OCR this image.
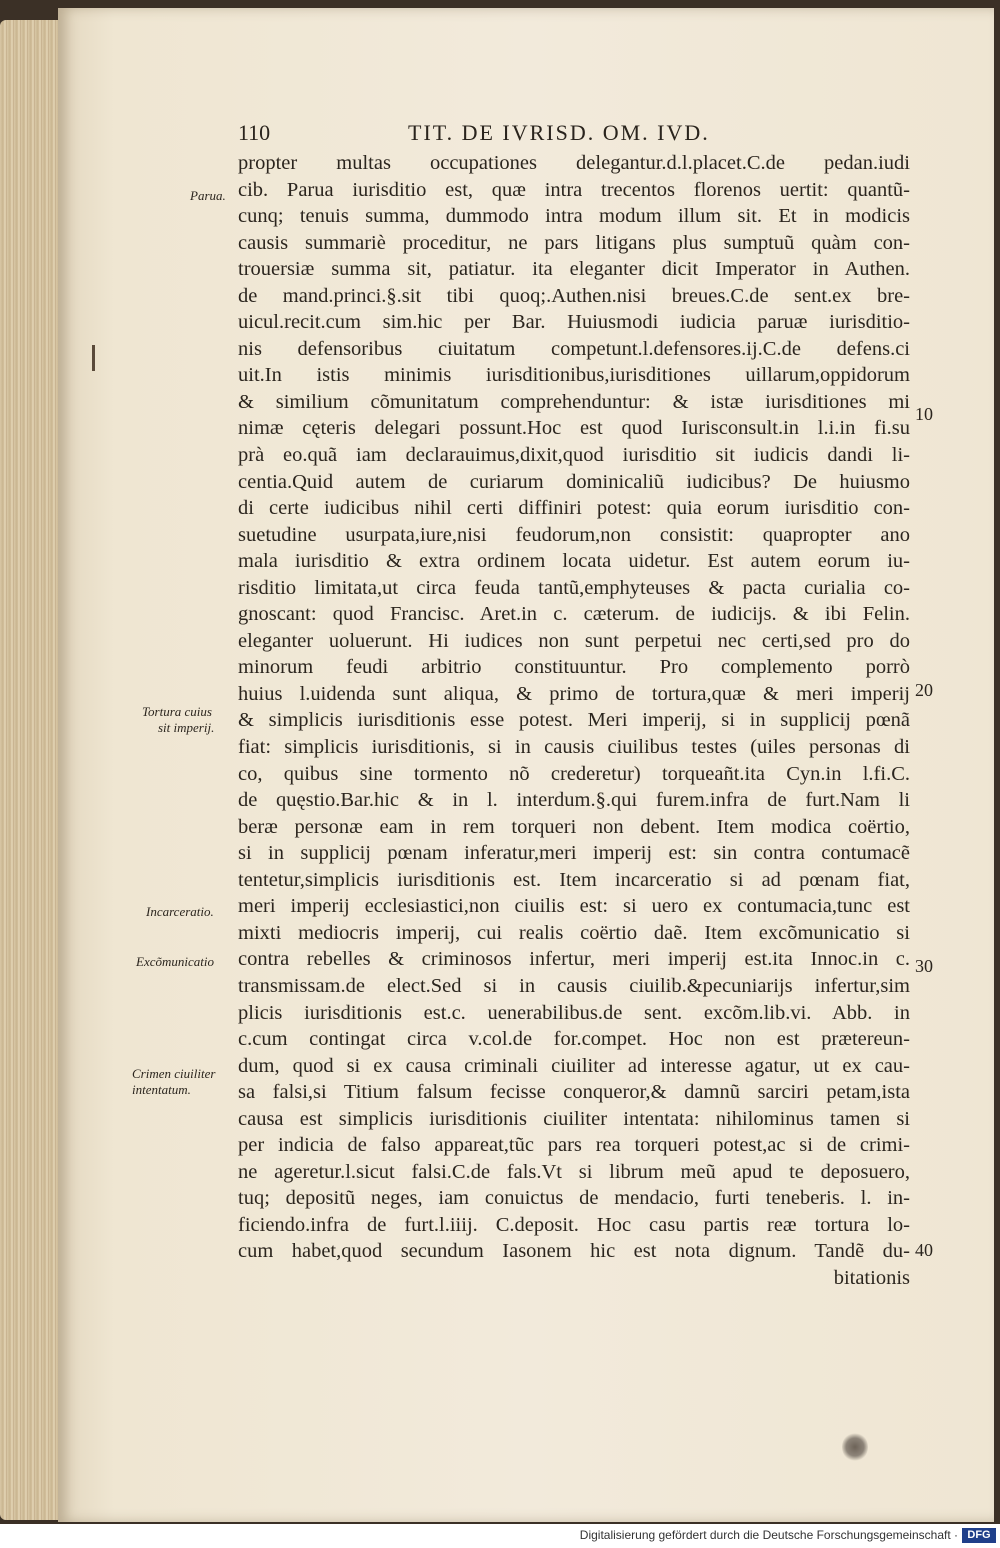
110	TIT. DE IVRISD. OM. IVD.
propter multas occupationes delegantur.d.l.placet.C.de pedan.iudi
cib. Parua iurisditio est, quæ intra trecentos florenos uertit: quantũ-
cunq; tenuis summa, dummodo intra modum illum sit. Et in modicis
causis summariè proceditur, ne pars litigans plus sumptuũ quàm con-
trouersiæ summa sit, patiatur. ita eleganter dicit Imperator in Authen.
de mand.princi.§.sit tibi quoq;.Authen.nisi breues.C.de sent.ex bre-
uicul.recit.cum sim.hic per Bar. Huiusmodi iudicia paruæ iurisditio-
nis defensoribus ciuitatum competunt.l.defensores.ij.C.de defens.ci
uit.In istis minimis iurisditionibus,iurisditiones uillarum,oppidorum
& similium cõmunitatum comprehenduntur: & istæ iurisditiones mi
nimæ cęteris delegari possunt.Hoc est quod Iurisconsult.in l.i.in fi.su
prà eo.quã iam declarauimus,dixit,quod iurisditio sit iudicis dandi li-
centia.Quid autem de curiarum dominicaliũ iudicibus? De huiusmo
di certe iudicibus nihil certi diffiniri potest: quia eorum iurisditio con-
suetudine usurpata,iure,nisi feudorum,non consistit: quapropter ano
mala iurisditio & extra ordinem locata uidetur. Est autem eorum iu-
risditio limitata,ut circa feuda tantũ,emphyteuses & pacta curialia co-
gnoscant: quod Francisc. Aret.in c. cæterum. de iudicijs. & ibi Felin.
eleganter uoluerunt. Hi iudices non sunt perpetui nec certi,sed pro do
minorum feudi arbitrio constituuntur. Pro complemento porrò
huius l.uidenda sunt aliqua, & primo de tortura,quæ & meri imperij
& simplicis iurisditionis esse potest. Meri imperij, si in supplicij pœnã
fiat: simplicis iurisditionis, si in causis ciuilibus testes (uiles personas di
co, quibus sine tormento nõ crederetur) torqueañt.ita Cyn.in l.fi.C.
de quęstio.Bar.hic & in l. interdum.§.qui furem.infra de furt.Nam li
beræ personæ eam in rem torqueri non debent. Item modica coërtio,
si in supplicij pœnam inferatur,meri imperij est: sin contra contumacẽ
tentetur,simplicis iurisditionis est. Item incarceratio si ad pœnam fiat,
meri imperij ecclesiastici,non ciuilis est: si uero ex contumacia,tunc est
mixti mediocris imperij, cui realis coërtio daẽ. Item excõmunicatio si
contra rebelles & criminosos infertur, meri imperij est.ita Innoc.in c.
transmissam.de elect.Sed si in causis ciuilib.&pecuniarijs infertur,sim
plicis iurisditionis est.c. uenerabilibus.de sent. excõm.lib.vi. Abb. in
c.cum contingat circa v.col.de for.compet. Hoc non est prætereun-
dum, quod si ex causa criminali ciuiliter ad interesse agatur, ut ex cau-
sa falsi,si Titium falsum fecisse conqueror,& damnũ sarciri petam,ista
causa est simplicis iurisditionis ciuiliter intentata: nihilominus tamen si
per indicia de falso appareat,tũc pars rea torqueri potest,ac si de crimi-
ne ageretur.l.sicut falsi.C.de fals.Vt si librum meũ apud te deposuero,
tuq; depositũ neges, iam conuictus de mendacio, furti teneberis. l. in-
ficiendo.infra de furt.l.iiij. C.deposit. Hoc casu partis reæ tortura lo-
cum habet,quod secundum Iasonem hic est nota dignum. Tandẽ du-
bitationis
Parua.
Tortura cuius
sit imperij.
Incarceratio.
Excõmunicatio
Crimen ciuiliter
intentatum.
10
20
30
40
Digitalisierung gefördert durch die Deutsche Forschungsgemeinschaft · DFG
